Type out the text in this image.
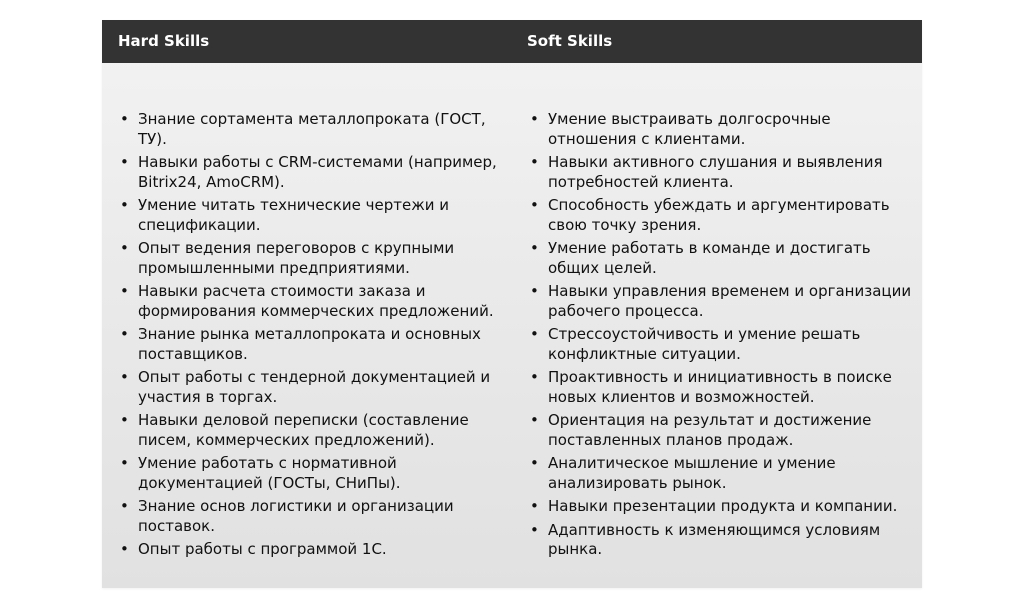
Hard Skills	Soft Skills
• Знание сортамента металлопроката (ГОСТ, ТУ).
• Навыки работы с CRM-системами (например, Bitrix24, AmoCRM).
• Умение читать технические чертежи и спецификации.
• Опыт ведения переговоров с крупными промышленными предприятиями.
• Навыки расчета стоимости заказа и формирования коммерческих предложений.
• Знание рынка металлопроката и основных поставщиков.
• Опыт работы с тендерной документацией и участия в торгах.
• Навыки деловой переписки (составление писем, коммерческих предложений).
• Умение работать с нормативной документацией (ГОСТы, СНиПы).
• Знание основ логистики и организации поставок.
• Опыт работы с программой 1С.
• Умение выстраивать долгосрочные отношения с клиентами.
• Навыки активного слушания и выявления потребностей клиента.
• Способность убеждать и аргументировать свою точку зрения.
• Умение работать в команде и достигать общих целей.
• Навыки управления временем и организации рабочего процесса.
• Стрессоустойчивость и умение решать конфликтные ситуации.
• Проактивность и инициативность в поиске новых клиентов и возможностей.
• Ориентация на результат и достижение поставленных планов продаж.
• Аналитическое мышление и умение анализировать рынок.
• Навыки презентации продукта и компании.
• Адаптивность к изменяющимся условиям рынка.
